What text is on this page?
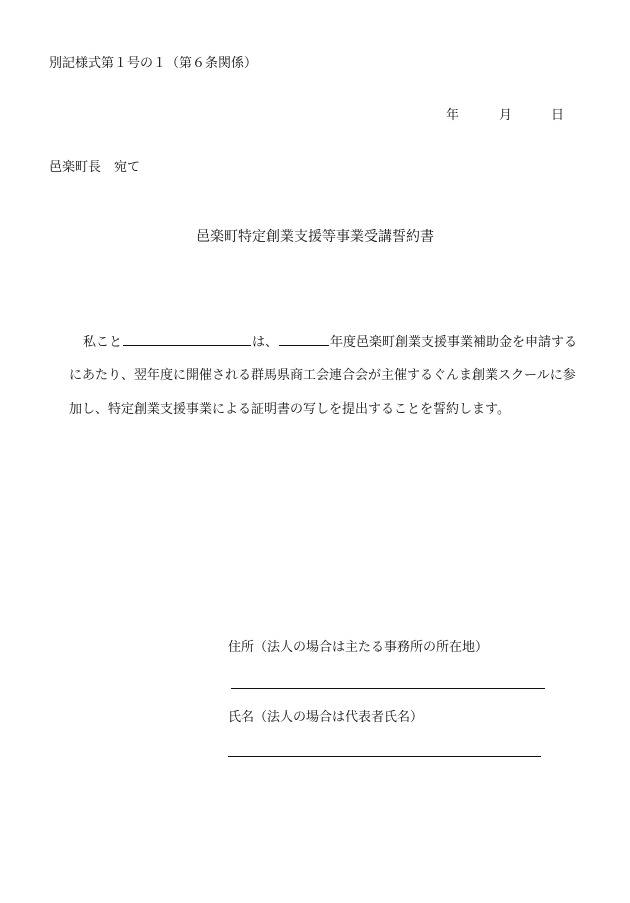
別記様式第１号の１（第６条関係）
年	月	日
邑楽町長　宛て
邑楽町特定創業支援等事業受講誓約書
私こと	は、	年度邑楽町創業支援事業補助金を申請する
にあたり、翌年度に開催される群馬県商工会連合会が主催するぐんま創業スクールに参
加し、特定創業支援事業による証明書の写しを提出することを誓約します。
住所（法人の場合は主たる事務所の所在地）
氏名（法人の場合は代表者氏名）
